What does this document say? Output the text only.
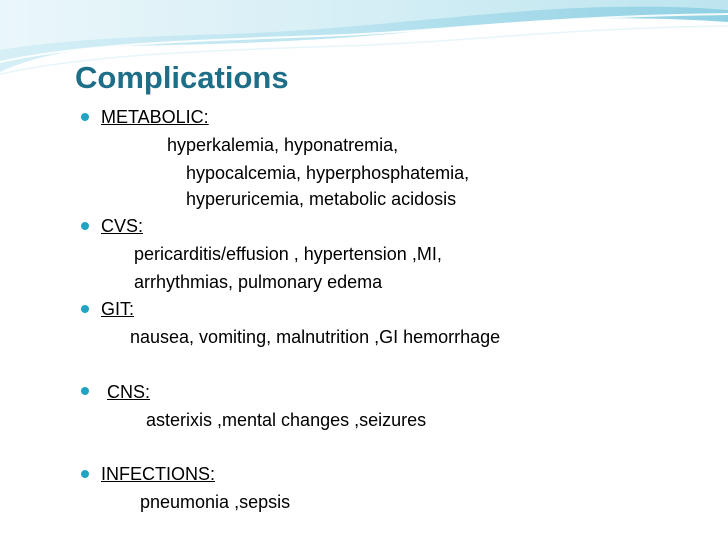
Complications
METABOLIC:
hyperkalemia, hyponatremia,
hypocalcemia, hyperphosphatemia,
hyperuricemia, metabolic acidosis
CVS:
pericarditis/effusion , hypertension ,MI,
arrhythmias, pulmonary edema
GIT:
nausea, vomiting, malnutrition ,GI hemorrhage
CNS:
asterixis ,mental changes ,seizures
INFECTIONS:
pneumonia ,sepsis
